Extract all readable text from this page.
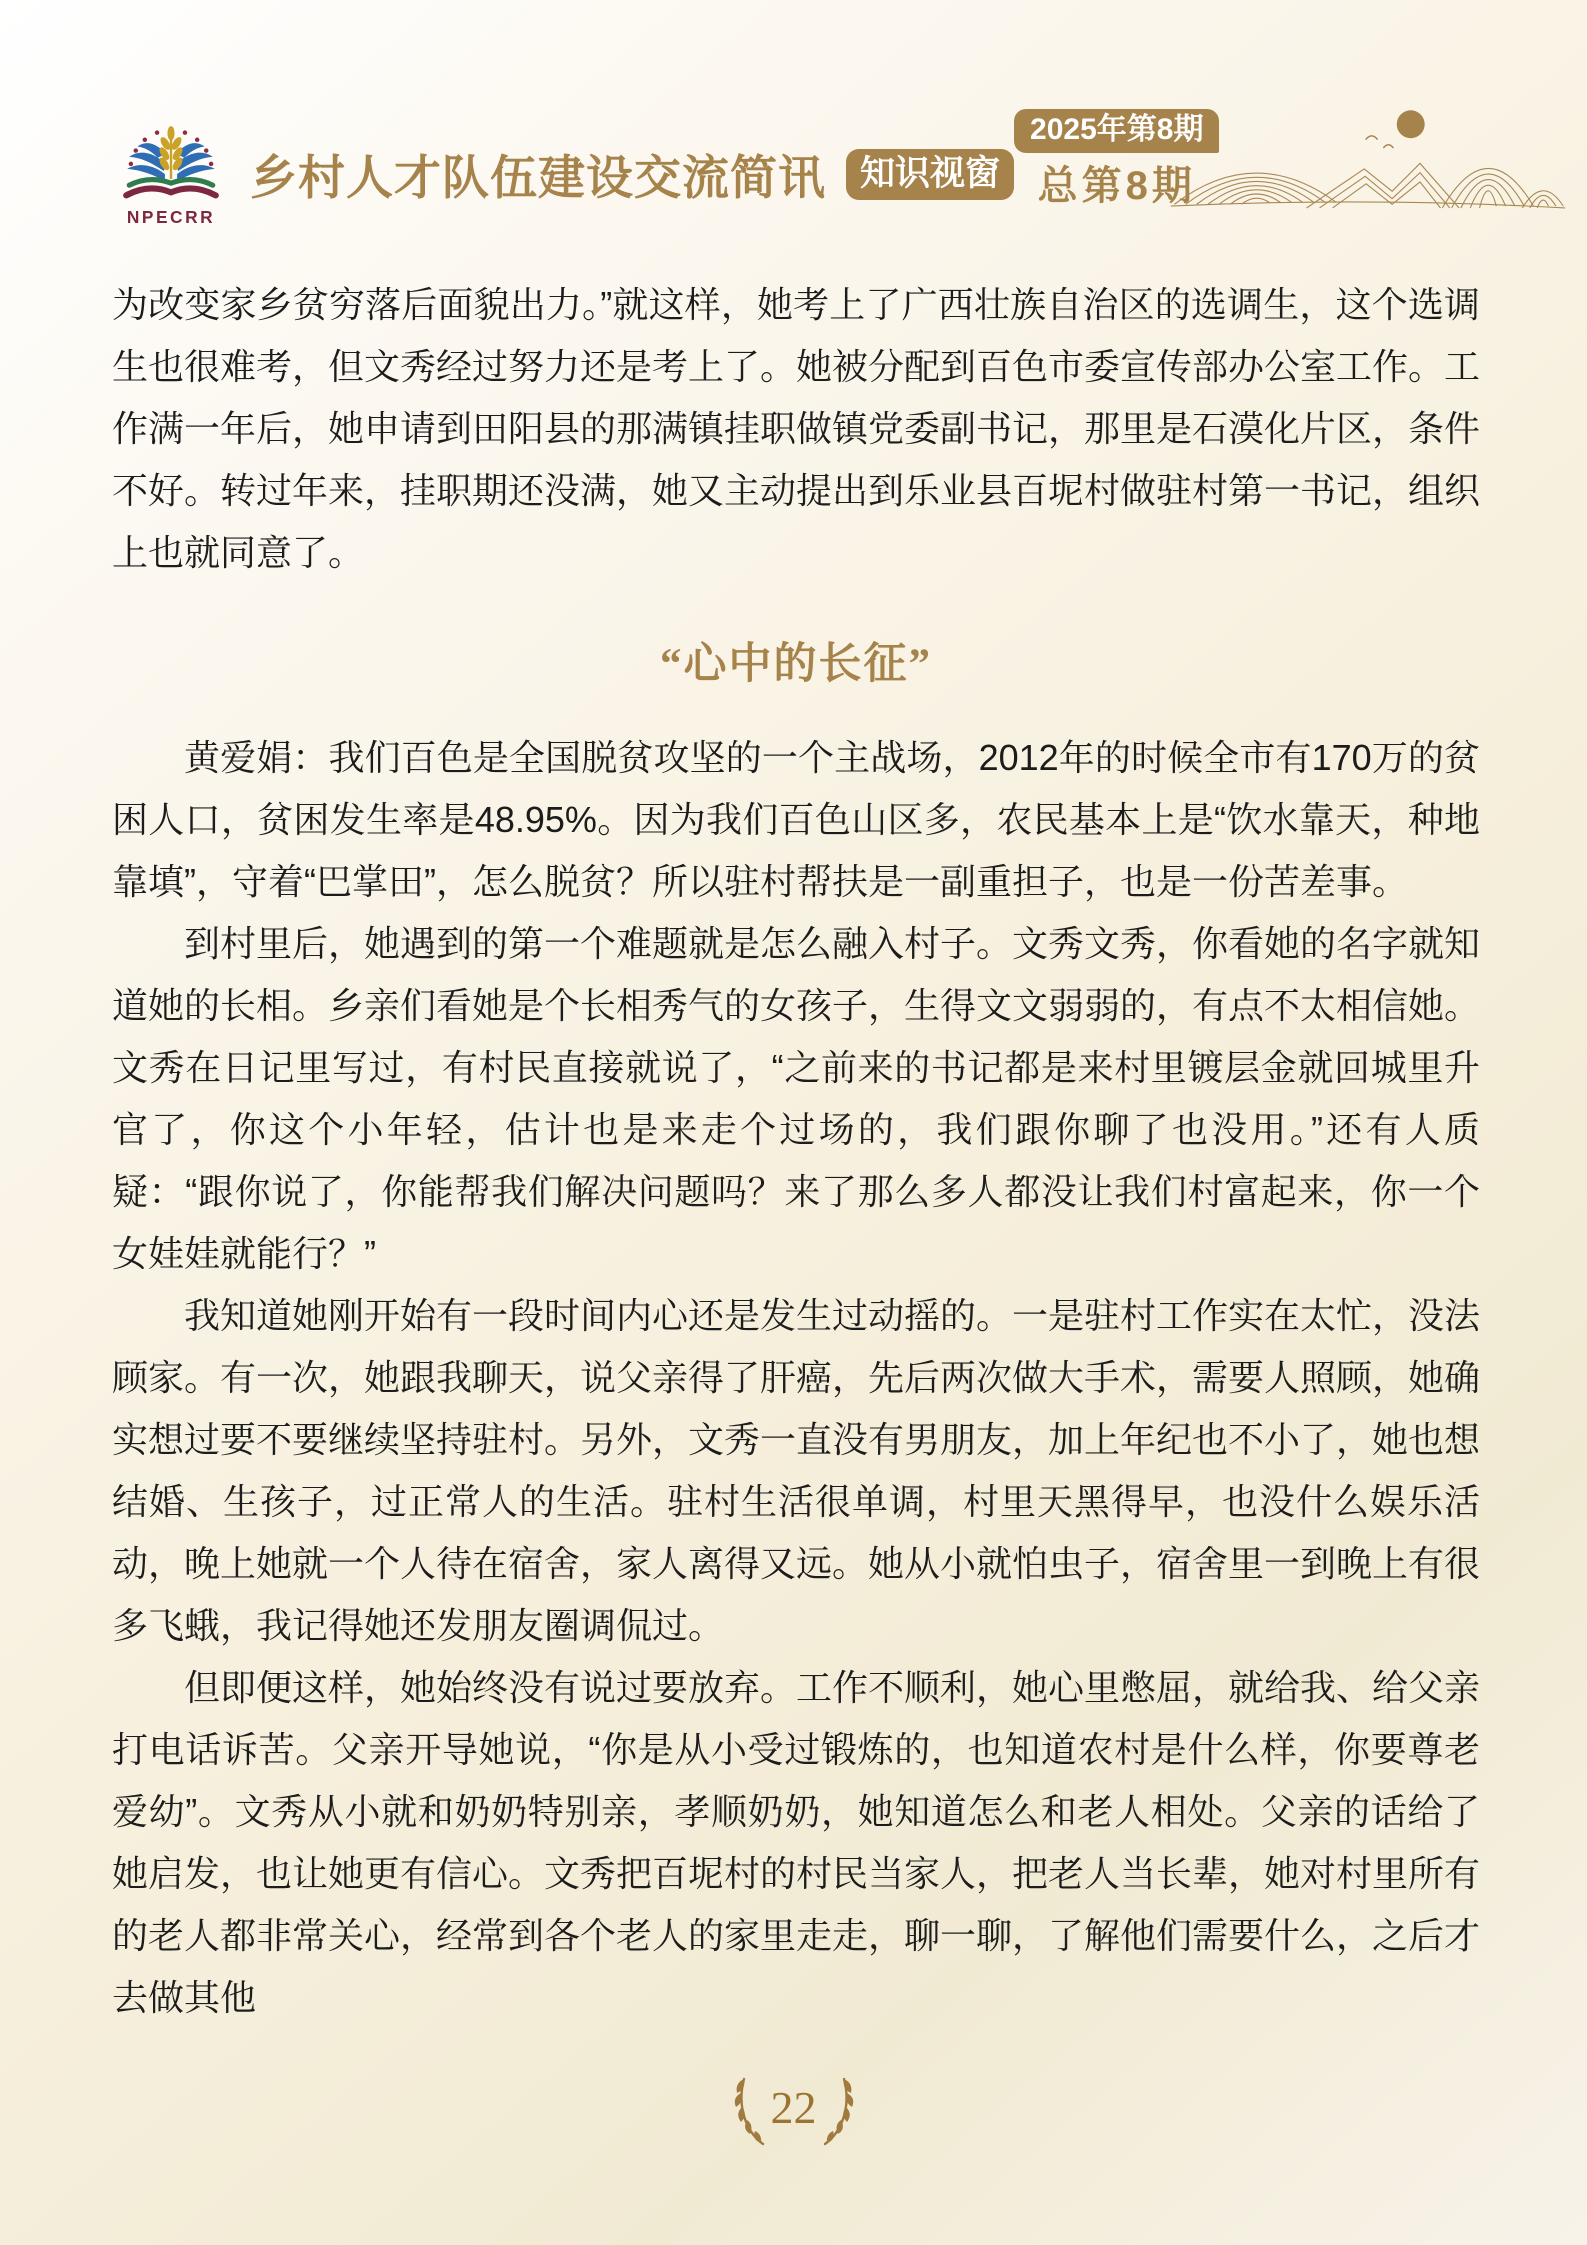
NPECRR
乡村人才队伍建设交流简讯 知识视窗
2025年第8期
总第8期

为改变家乡贫穷落后面貌出力。”就这样，她考上了广西壮族自治区的选调生，这个选调生也很难考，但文秀经过努力还是考上了。她被分配到百色市委宣传部办公室工作。工作满一年后，她申请到田阳县的那满镇挂职做镇党委副书记，那里是石漠化片区，条件不好。转过年来，挂职期还没满，她又主动提出到乐业县百坭村做驻村第一书记，组织上也就同意了。

“心中的长征”

黄爱娟：我们百色是全国脱贫攻坚的一个主战场，2012年的时候全市有170万的贫困人口，贫困发生率是48.95%。因为我们百色山区多，农民基本上是“饮水靠天，种地靠填”，守着“巴掌田”，怎么脱贫？所以驻村帮扶是一副重担子，也是一份苦差事。

到村里后，她遇到的第一个难题就是怎么融入村子。文秀文秀，你看她的名字就知道她的长相。乡亲们看她是个长相秀气的女孩子，生得文文弱弱的，有点不太相信她。文秀在日记里写过，有村民直接就说了，“之前来的书记都是来村里镀层金就回城里升官了，你这个小年轻，估计也是来走个过场的，我们跟你聊了也没用。”还有人质疑：“跟你说了，你能帮我们解决问题吗？来了那么多人都没让我们村富起来，你一个女娃娃就能行？”

我知道她刚开始有一段时间内心还是发生过动摇的。一是驻村工作实在太忙，没法顾家。有一次，她跟我聊天，说父亲得了肝癌，先后两次做大手术，需要人照顾，她确实想过要不要继续坚持驻村。另外，文秀一直没有男朋友，加上年纪也不小了，她也想结婚、生孩子，过正常人的生活。驻村生活很单调，村里天黑得早，也没什么娱乐活动，晚上她就一个人待在宿舍，家人离得又远。她从小就怕虫子，宿舍里一到晚上有很多飞蛾，我记得她还发朋友圈调侃过。

但即便这样，她始终没有说过要放弃。工作不顺利，她心里憋屈，就给我、给父亲打电话诉苦。父亲开导她说，“你是从小受过锻炼的，也知道农村是什么样，你要尊老爱幼”。文秀从小就和奶奶特别亲，孝顺奶奶，她知道怎么和老人相处。父亲的话给了她启发，也让她更有信心。文秀把百坭村的村民当家人，把老人当长辈，她对村里所有的老人都非常关心，经常到各个老人的家里走走，聊一聊，了解他们需要什么，之后才去做其他

22
